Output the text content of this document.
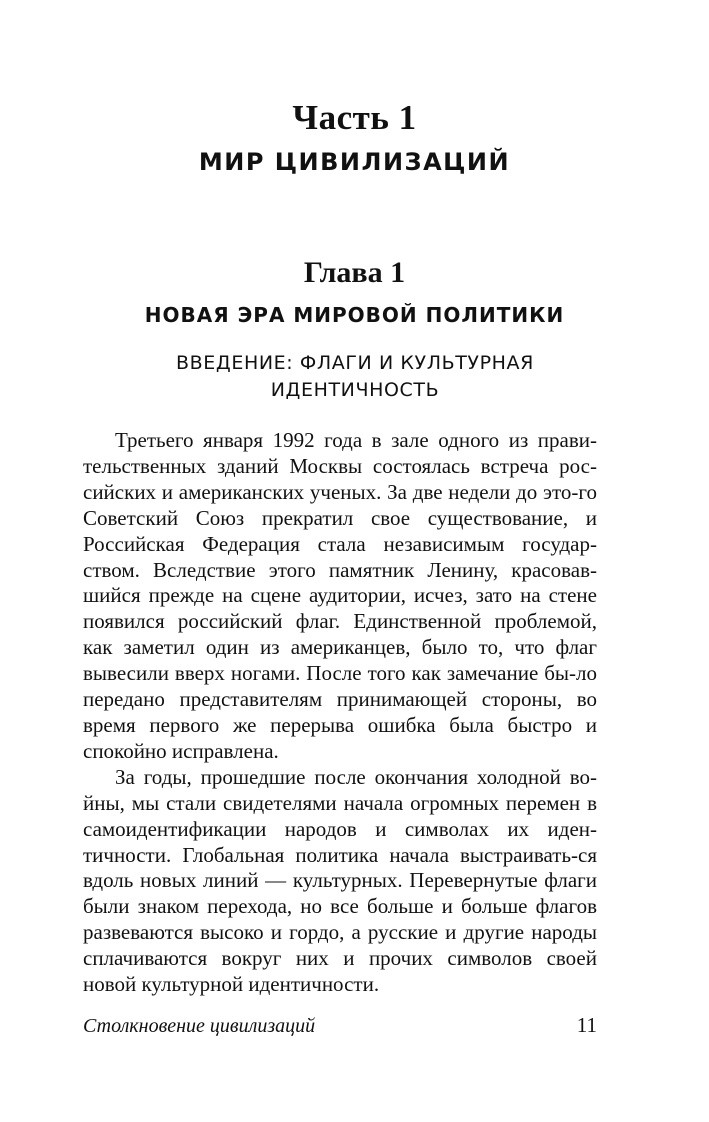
Часть 1
МИР ЦИВИЛИЗАЦИЙ
Глава 1
НОВАЯ ЭРА МИРОВОЙ ПОЛИТИКИ
ВВЕДЕНИЕ: ФЛАГИ И КУЛЬТУРНАЯ
ИДЕНТИЧНОСТЬ

Третьего января 1992 года в зале одного из прави-тельственных зданий Москвы состоялась встреча рос-сийских и американских ученых. За две недели до это-го Советский Союз прекратил свое существование, и Российская Федерация стала независимым государ-ством. Вследствие этого памятник Ленину, красовав-шийся прежде на сцене аудитории, исчез, зато на стене появился российский флаг. Единственной проблемой, как заметил один из американцев, было то, что флаг вывесили вверх ногами. После того как замечание бы-ло передано представителям принимающей стороны, во время первого же перерыва ошибка была быстро и спокойно исправлена.

За годы, прошедшие после окончания холодной во-йны, мы стали свидетелями начала огромных перемен в самоидентификации народов и символах их иден-тичности. Глобальная политика начала выстраивать-ся вдоль новых линий — культурных. Перевернутые флаги были знаком перехода, но все больше и больше флагов развеваются высоко и гордо, а русские и другие народы сплачиваются вокруг них и прочих символов своей новой культурной идентичности.

Столкновение цивилизаций	11
